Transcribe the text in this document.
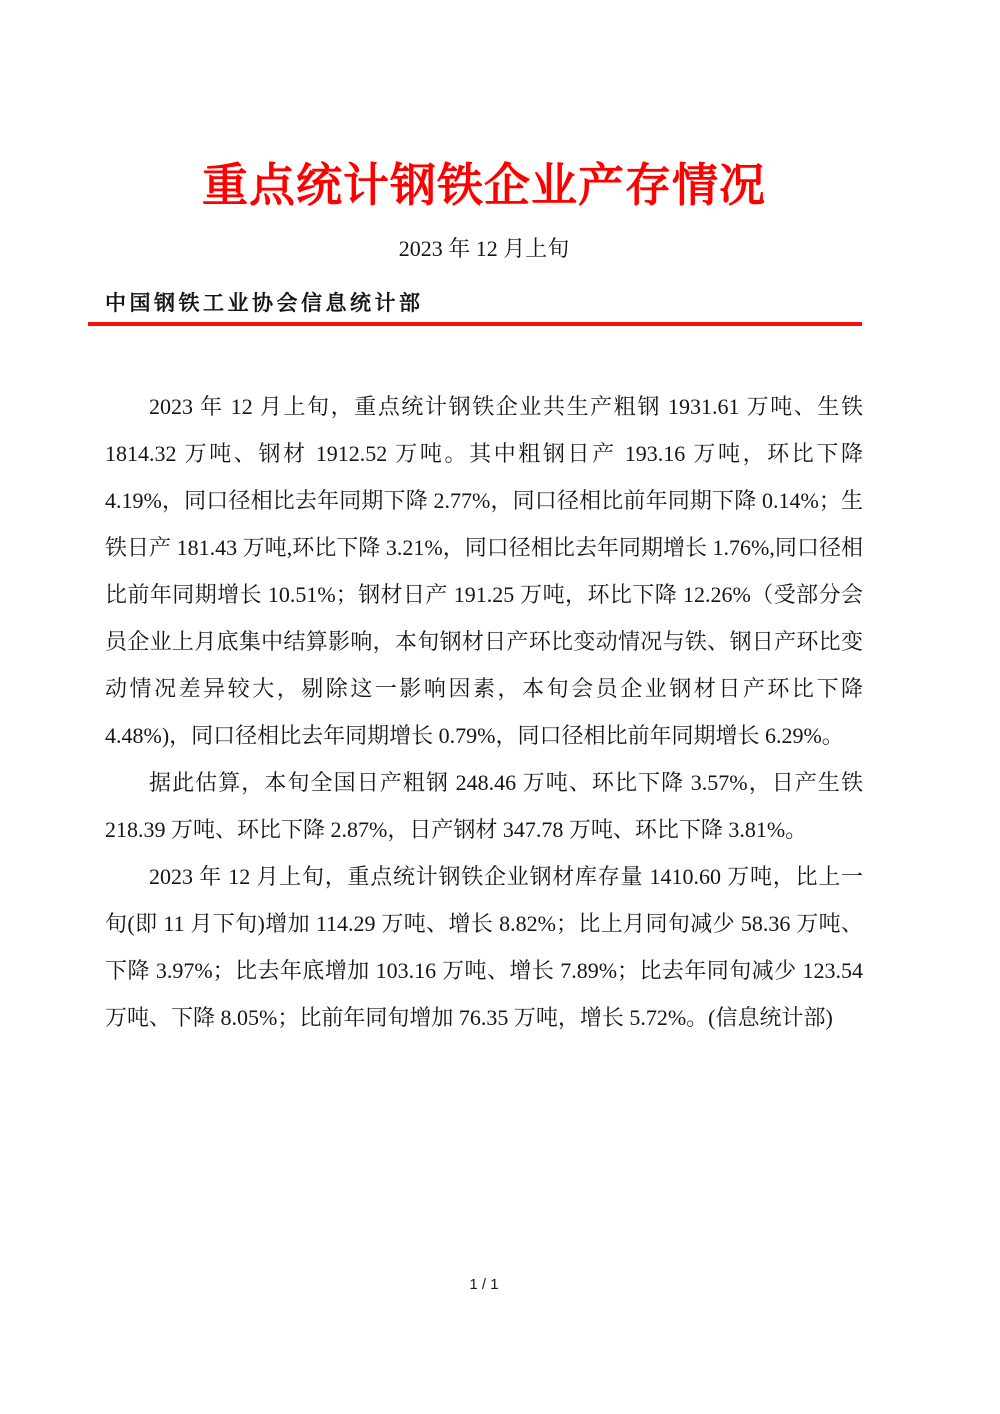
重点统计钢铁企业产存情况
2023 年 12 月上旬
中国钢铁工业协会信息统计部

2023 年 12 月上旬，重点统计钢铁企业共生产粗钢 1931.61 万吨、生铁 1814.32 万吨、钢材 1912.52 万吨。其中粗钢日产 193.16 万吨，环比下降 4.19%，同口径相比去年同期下降 2.77%，同口径相比前年同期下降 0.14%；生铁日产 181.43 万吨,环比下降 3.21%，同口径相比去年同期增长 1.76%,同口径相比前年同期增长 10.51%；钢材日产 191.25 万吨，环比下降 12.26%（受部分会员企业上月底集中结算影响，本旬钢材日产环比变动情况与铁、钢日产环比变动情况差异较大，剔除这一影响因素，本旬会员企业钢材日产环比下降 4.48%)，同口径相比去年同期增长 0.79%，同口径相比前年同期增长 6.29%。

据此估算，本旬全国日产粗钢 248.46 万吨、环比下降 3.57%，日产生铁 218.39 万吨、环比下降 2.87%，日产钢材 347.78 万吨、环比下降 3.81%。

2023 年 12 月上旬，重点统计钢铁企业钢材库存量 1410.60 万吨，比上一旬(即 11 月下旬)增加 114.29 万吨、增长 8.82%；比上月同旬减少 58.36 万吨、下降 3.97%；比去年底增加 103.16 万吨、增长 7.89%；比去年同旬减少 123.54 万吨、下降 8.05%；比前年同旬增加 76.35 万吨，增长 5.72%。(信息统计部)

1 / 1
